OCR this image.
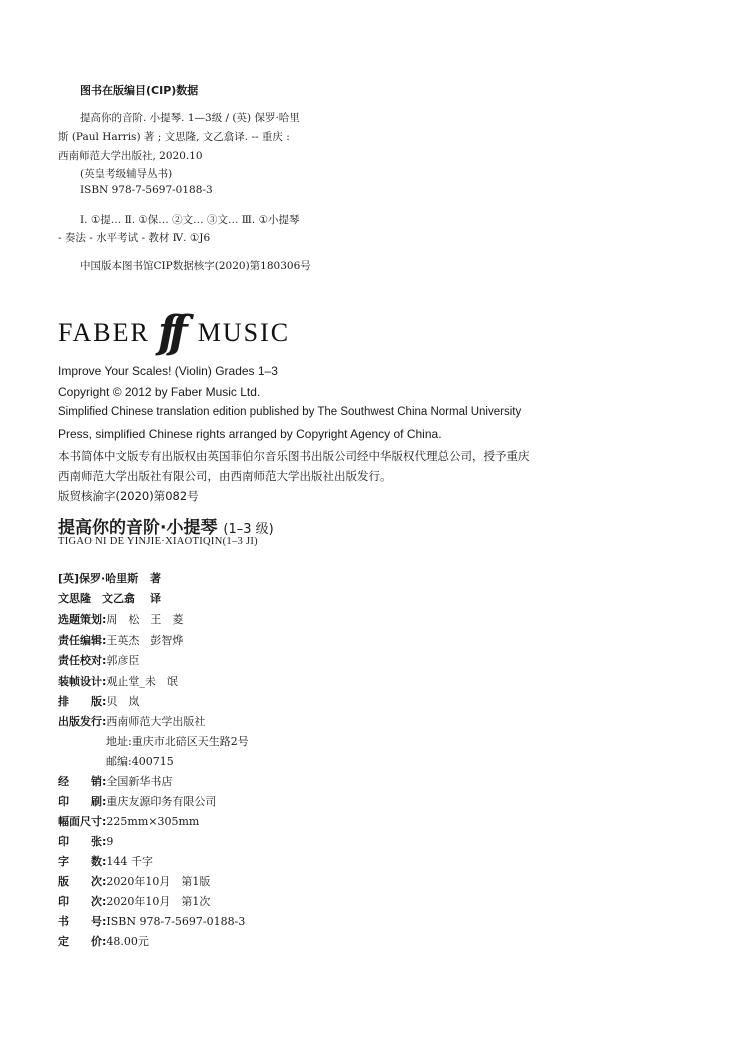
图书在版编目(CIP)数据
提高你的音阶. 小提琴. 1—3级 / (英) 保罗·哈里
斯 (Paul Harris) 著 ; 文思隆, 文乙翕译. -- 重庆 :
西南师范大学出版社, 2020.10
(英皇考级辅导丛书)
ISBN 978-7-5697-0188-3
Ⅰ. ①提… Ⅱ. ①保… ②文… ③文… Ⅲ. ①小提琴
- 奏法 - 水平考试 - 教材 Ⅳ. ①J6
中国版本图书馆CIP数据核字(2020)第180306号
FABER ff MUSIC
Improve Your Scales! (Violin) Grades 1–3
Copyright © 2012 by Faber Music Ltd.
Simplified Chinese translation edition published by The Southwest China Normal University
Press, simplified Chinese rights arranged by Copyright Agency of China.
本书简体中文版专有出版权由英国菲伯尔音乐图书出版公司经中华版权代理总公司，授予重庆
西南师范大学出版社有限公司，由西南师范大学出版社出版发行。
版贸核渝字(2020)第082号
提高你的音阶·小提琴 (1–3 级)
TIGAO NI DE YINJIE·XIAOTIQIN(1–3 JI)
[英]保罗·哈里斯 著
文思隆　文乙翕 译
选题策划:周　松　王　菱
责任编辑:王英杰　彭智烨
责任校对:郭彦臣
装帧设计:观止堂_未　氓
排　　版:贝　岚
出版发行:西南师范大学出版社
地址:重庆市北碚区天生路2号
邮编:400715
经　　销:全国新华书店
印　　刷:重庆友源印务有限公司
幅面尺寸:225mm×305mm
印　　张:9
字　　数:144 千字
版　　次:2020年10月　第1版
印　　次:2020年10月　第1次
书　　号:ISBN 978-7-5697-0188-3
定　　价:48.00元
